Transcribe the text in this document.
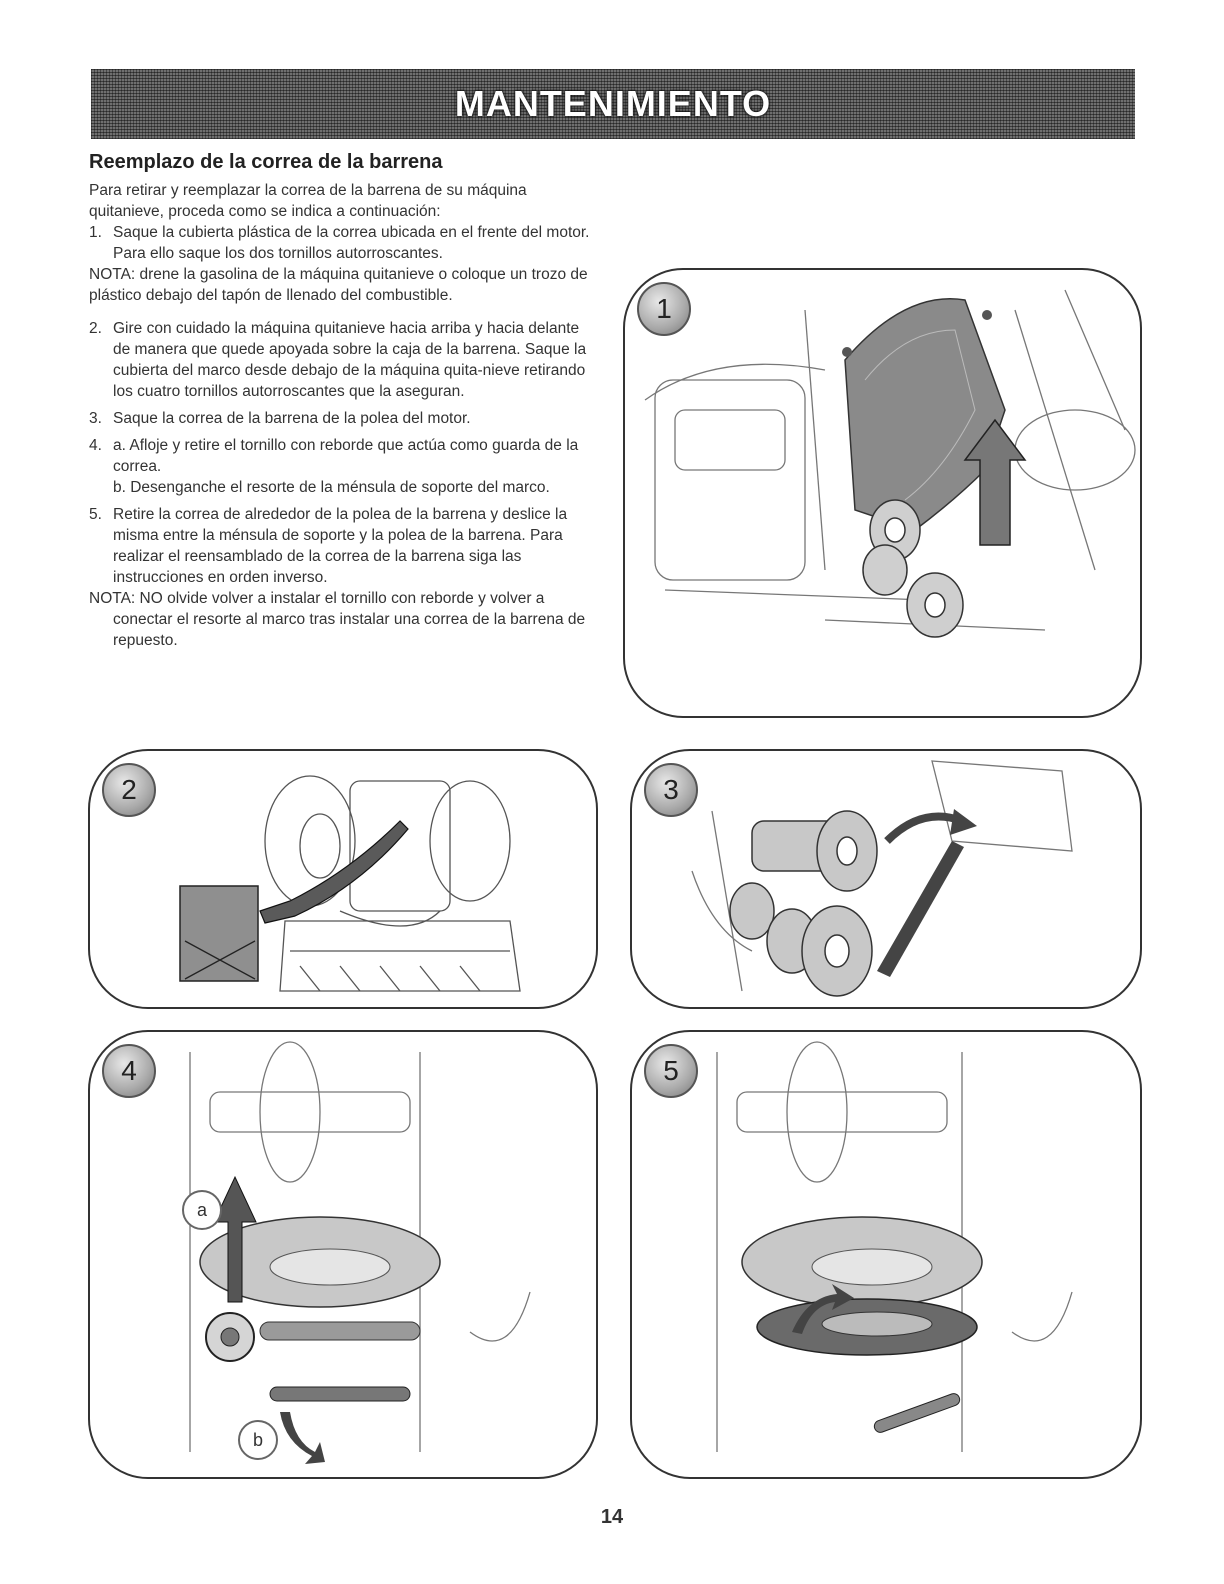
MANTENIMIENTO
Reemplazo de la correa de la barrena

Para retirar y reemplazar la correa de la barrena de su máquina quitanieve, proceda como se indica a continuación:

1. Saque la cubierta plástica de la correa ubicada en el frente del motor. Para ello saque los dos tornillos autorroscantes.

NOTA: drene la gasolina de la máquina quitanieve o coloque un trozo de plástico debajo del tapón de llenado del combustible.

2. Gire con cuidado la máquina quitanieve hacia arriba y hacia delante de manera que quede apoyada sobre la caja de la barrena. Saque la cubierta del marco desde debajo de la máquina quita-nieve retirando los cuatro tornillos autorroscantes que la aseguran.
3. Saque la correa de la barrena de la polea del motor.
4. a. Afloje y retire el tornillo con reborde que actúa como guarda de la correa.

b. Desenganche el resorte de la ménsula de soporte del marco.

5. Retire la correa de alrededor de la polea de la barrena y deslice la misma entre la ménsula de soporte y la polea de la barrena. Para realizar el reensamblado de la correa de la barrena siga las instrucciones en orden inverso.

NOTA: NO olvide volver a instalar el tornillo con reborde y volver a
conectar el resorte al marco tras instalar una correa de la barrena de repuesto.

1
2	3
4
a
b
5
14
